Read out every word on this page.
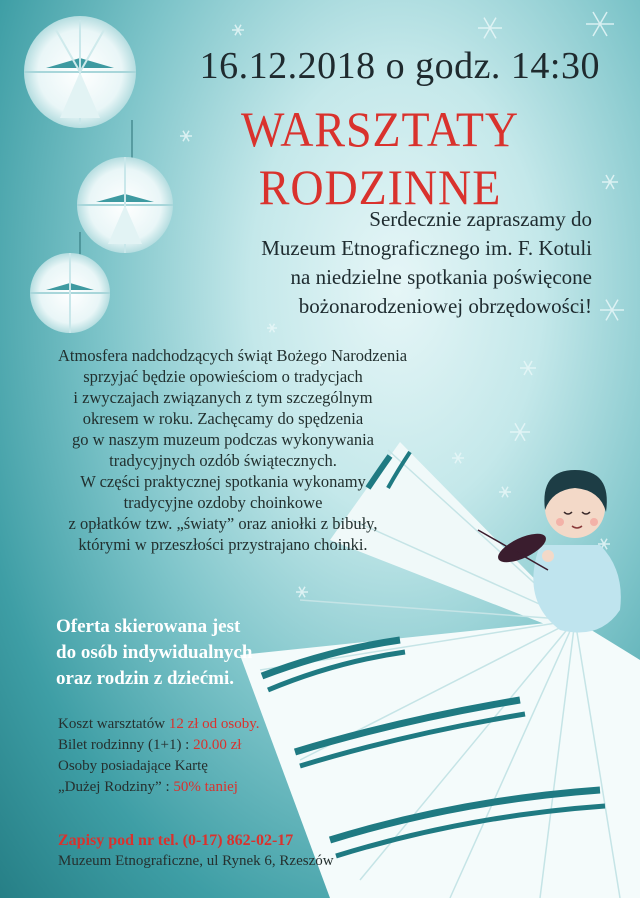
16.12.2018 o godz. 14:30
WARSZTATY RODZINNE
Serdecznie zapraszamy do
Muzeum Etnograficznego im. F. Kotuli
na niedzielne spotkania poświęcone
bożonarodzeniowej obrzędowości!
Atmosfera nadchodzących świąt Bożego Narodzenia
sprzyjać będzie opowieściom o tradycjach
i zwyczajach związanych z tym szczególnym
okresem w roku. Zachęcamy do spędzenia
go w naszym muzeum podczas wykonywania
tradycyjnych ozdób świątecznych.
W części praktycznej spotkania wykonamy
tradycyjne ozdoby choinkowe
z opłatków tzw. „światy” oraz aniołki z bibuły,
którymi w przeszłości przystrajano choinki.
Oferta skierowana jest
do osób indywidualnych
oraz rodzin z dziećmi.
Koszt warsztatów 12 zł od osoby.
Bilet rodzinny (1+1) : 20.00 zł
Osoby posiadające Kartę
„Dużej Rodziny” : 50% taniej
Zapisy pod nr tel. (0-17) 862-02-17
Muzeum Etnograficzne, ul Rynek 6, Rzeszów
